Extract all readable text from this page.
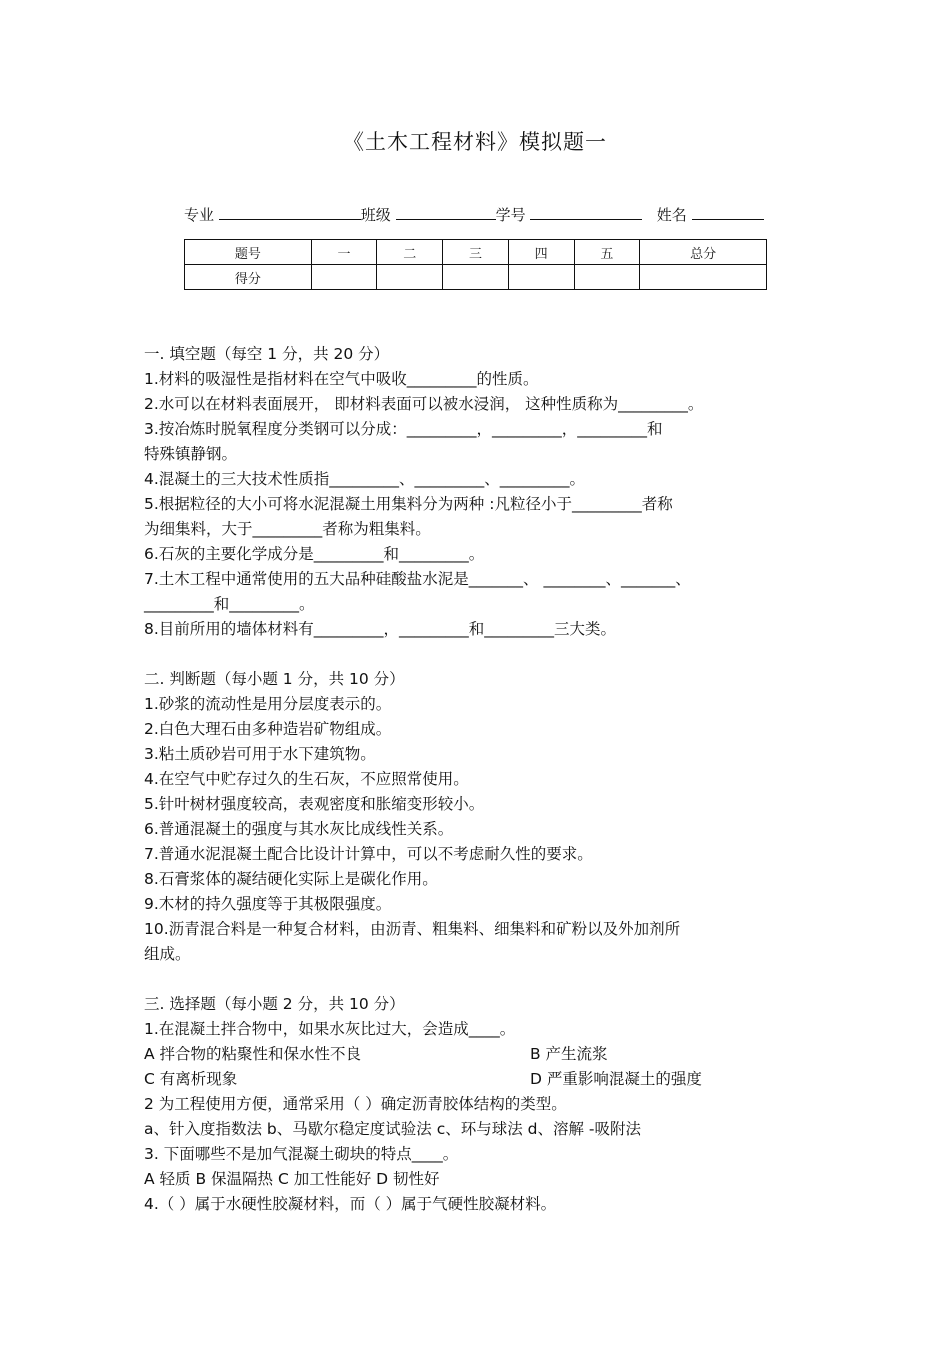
《土木工程材料》模拟题一
专业	班级	学号	姓名
题号	一	二	三	四	五	总分
得分						

一. 填空题（每空 1 分，共 20 分）

1.材料的吸湿性是指材料在空气中吸收_________的性质。

2.水可以在材料表面展开， 即材料表面可以被水浸润， 这种性质称为_________。

3.按冶炼时脱氧程度分类钢可以分成：_________，_________，_________和

特殊镇静钢。

4.混凝土的三大技术性质指_________、_________、_________。

5.根据粒径的大小可将水泥混凝土用集料分为两种 :凡粒径小于_________者称

为细集料，大于_________者称为粗集料。

6.石灰的主要化学成分是_________和_________。

7.土木工程中通常使用的五大品种硅酸盐水泥是_______、 ________、_______、

_________和_________。

8.目前所用的墙体材料有_________，_________和_________三大类。

二. 判断题（每小题 1 分，共 10 分）

1.砂浆的流动性是用分层度表示的。

2.白色大理石由多种造岩矿物组成。

3.粘土质砂岩可用于水下建筑物。

4.在空气中贮存过久的生石灰，不应照常使用。

5.针叶树材强度较高，表观密度和胀缩变形较小。

6.普通混凝土的强度与其水灰比成线性关系。

7.普通水泥混凝土配合比设计计算中，可以不考虑耐久性的要求。

8.石膏浆体的凝结硬化实际上是碳化作用。

9.木材的持久强度等于其极限强度。

10.沥青混合料是一种复合材料，由沥青、粗集料、细集料和矿粉以及外加剂所

组成。

三. 选择题（每小题 2 分，共 10 分）

1.在混凝土拌合物中，如果水灰比过大，会造成____。

A 拌合物的粘聚性和保水性不良	B 产生流浆
C 有离析现象	D 严重影响混凝土的强度

2 为工程使用方便，通常采用（ ）确定沥青胶体结构的类型。

a、针入度指数法 b、马歇尔稳定度试验法 c、环与球法 d、溶解 -吸附法

3. 下面哪些不是加气混凝土砌块的特点____。

A 轻质 B 保温隔热 C 加工性能好 D 韧性好

4.（ ）属于水硬性胶凝材料，而（ ）属于气硬性胶凝材料。
